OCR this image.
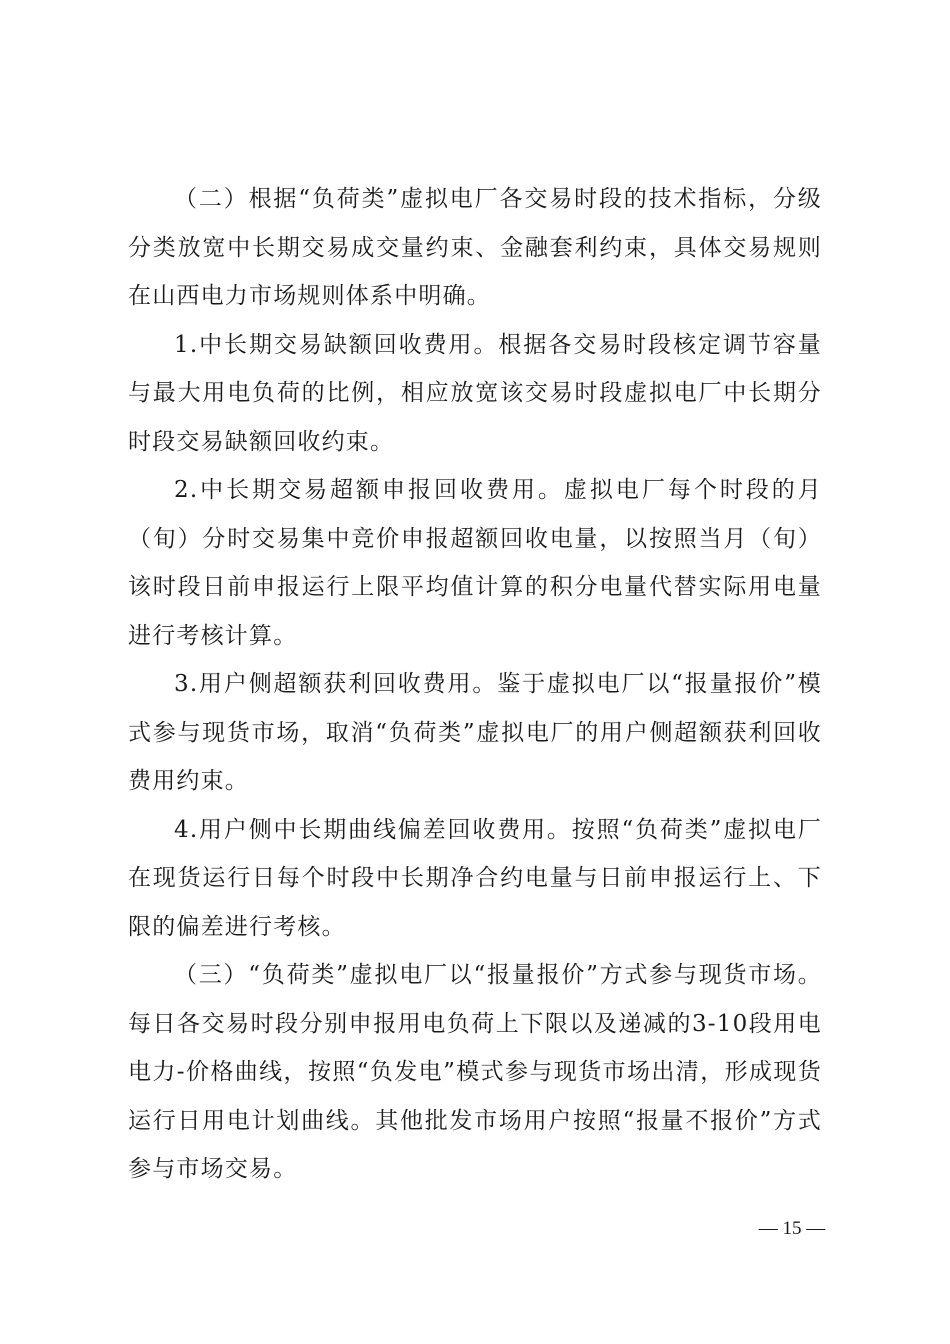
（二）根据“负荷类”虚拟电厂各交易时段的技术指标，分级分类放宽中长期交易成交量约束、金融套利约束，具体交易规则在山西电力市场规则体系中明确。

1.中长期交易缺额回收费用。根据各交易时段核定调节容量与最大用电负荷的比例，相应放宽该交易时段虚拟电厂中长期分时段交易缺额回收约束。

2.中长期交易超额申报回收费用。虚拟电厂每个时段的月（旬）分时交易集中竞价申报超额回收电量，以按照当月（旬）该时段日前申报运行上限平均值计算的积分电量代替实际用电量进行考核计算。

3.用户侧超额获利回收费用。鉴于虚拟电厂以“报量报价”模式参与现货市场，取消“负荷类”虚拟电厂的用户侧超额获利回收费用约束。

4.用户侧中长期曲线偏差回收费用。按照“负荷类”虚拟电厂在现货运行日每个时段中长期净合约电量与日前申报运行上、下限的偏差进行考核。

（三）“负荷类”虚拟电厂以“报量报价”方式参与现货市场。每日各交易时段分别申报用电负荷上下限以及递减的3-10段用电电力-价格曲线，按照“负发电”模式参与现货市场出清，形成现货运行日用电计划曲线。其他批发市场用户按照“报量不报价”方式参与市场交易。

— 15 —
